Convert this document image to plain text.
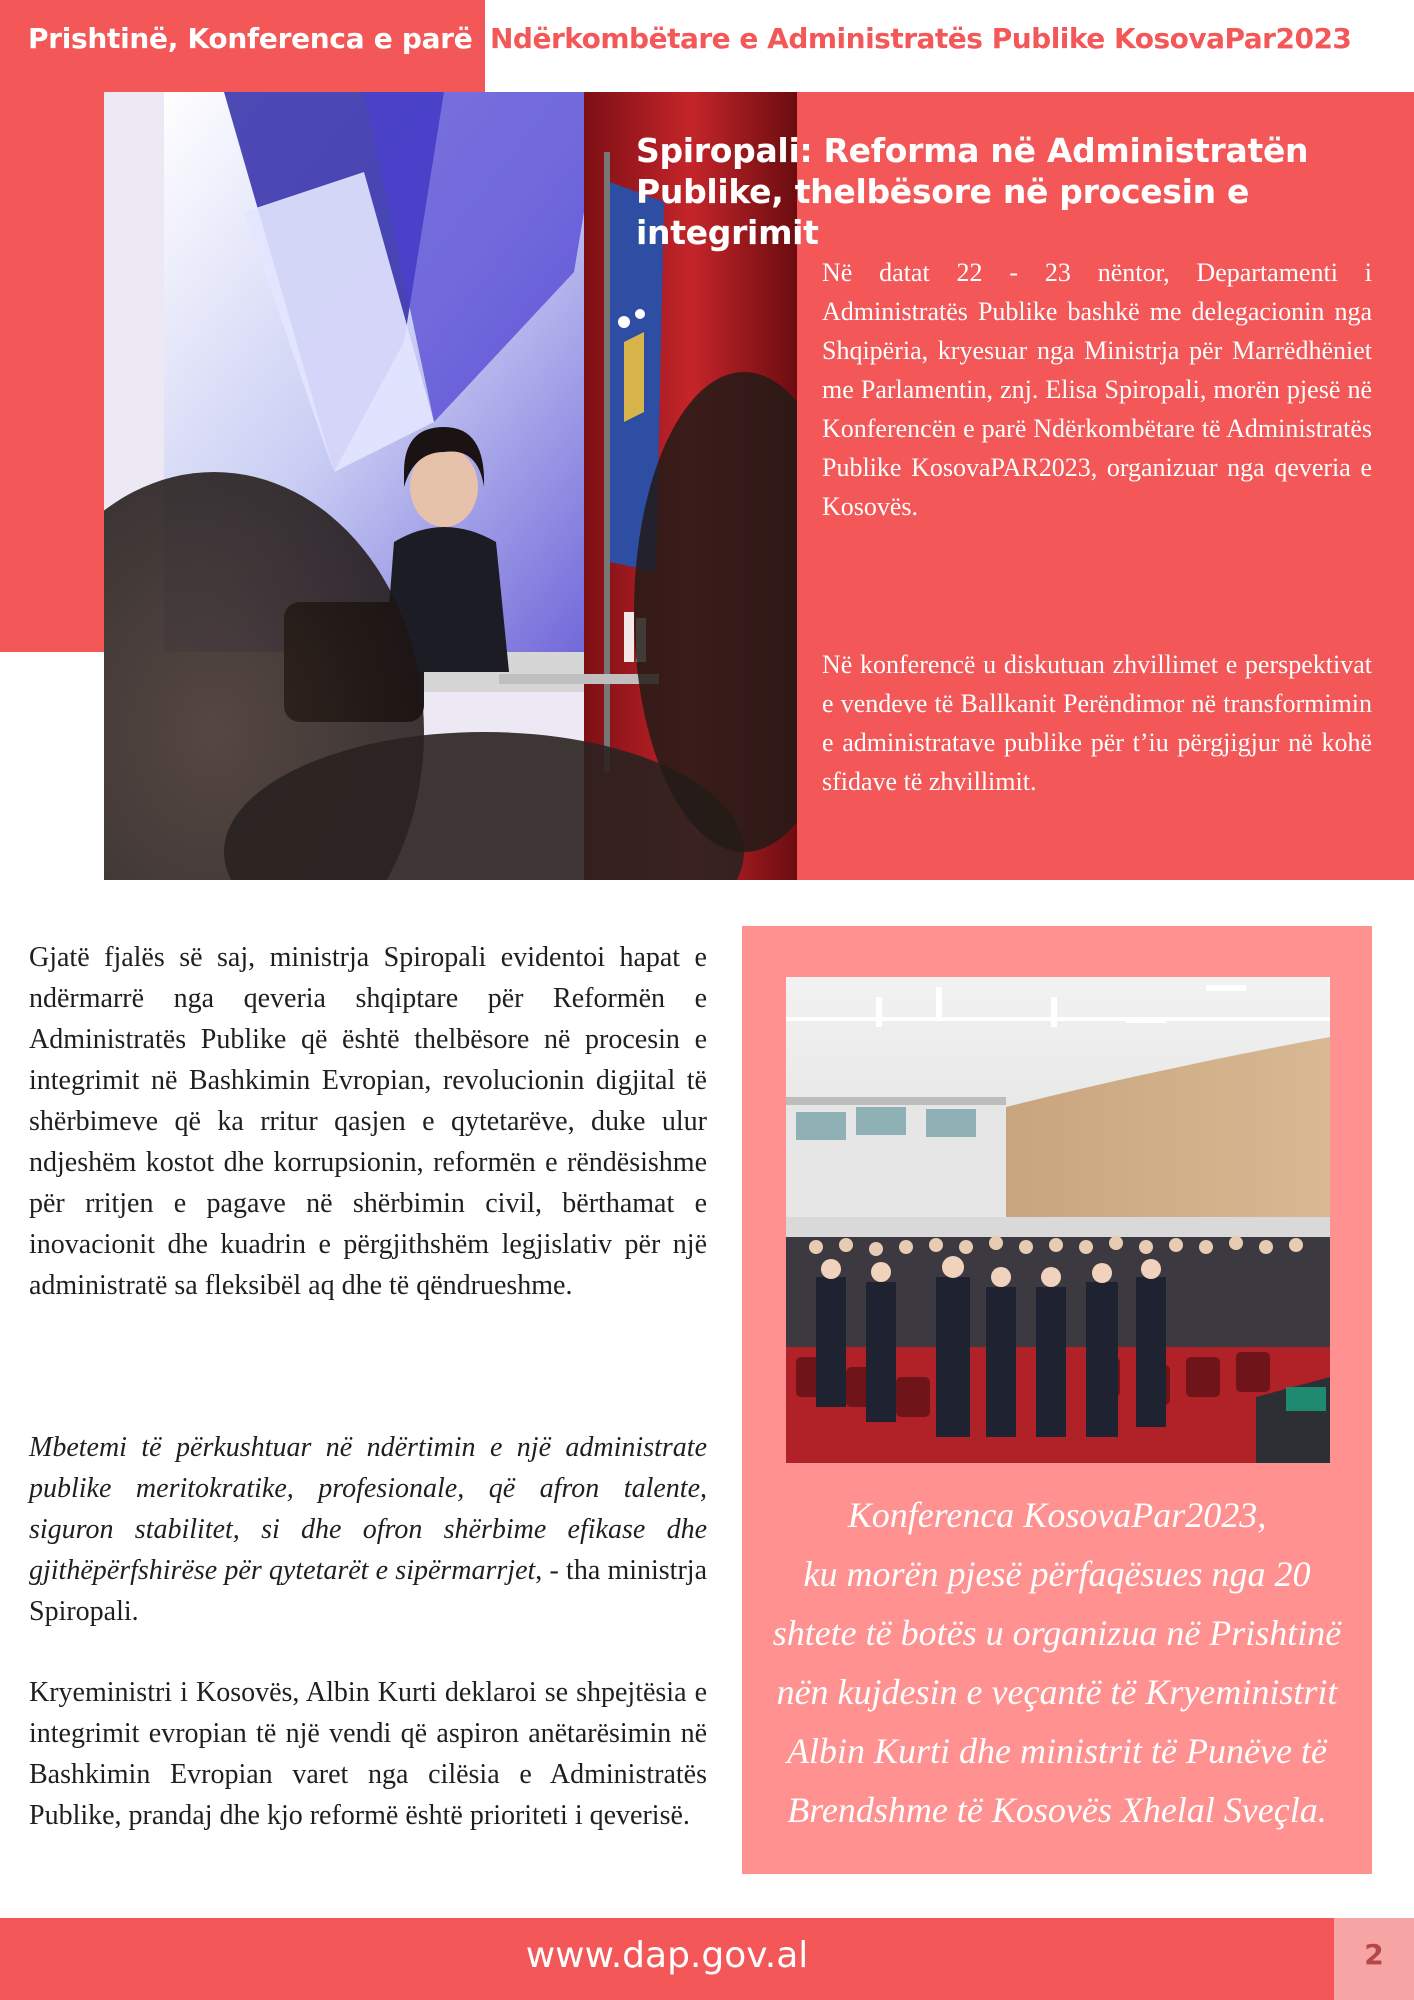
Prishtinë, Konferenca e parë Ndërkombëtare e Administratës Publike KosovaPar2023
Spiropali: Reforma në Administratën
Publike, thelbësore në procesin e integrimit
Në datat 22 - 23 nëntor, Departamenti i Administratës Publike bashkë me delegacionin nga Shqipëria, kryesuar nga Ministrja për Marrëdhëniet me Parlamentin, znj. Elisa Spiropali, morën pjesë në Konferencën e parë Ndërkombëtare të Administratës Publike KosovaPAR2023, organizuar nga qeveria e Kosovës.
Në konferencë u diskutuan zhvillimet e perspektivat e vendeve të Ballkanit Perëndimor në transformimin e administratave publike për t’iu përgjigjur në kohë sfidave të zhvillimit.
Gjatë fjalës së saj, ministrja Spiropali evidentoi hapat e ndërmarrë nga qeveria shqiptare për Reformën e Administratës Publike që është thelbësore në procesin e integrimit në Bashkimin Evropian, revolucionin digjital të shërbimeve që ka rritur qasjen e qytetarëve, duke ulur ndjeshëm kostot dhe korrupsionin, reformën e rëndësishme për rritjen e pagave në shërbimin civil, bërthamat e inovacionit dhe kuadrin e përgjithshëm legjislativ për një administratë sa fleksibël aq dhe të qëndrueshme.
Mbetemi të përkushtuar në ndërtimin e një administrate publike meritokratike, profesionale, që afron talente, siguron stabilitet, si dhe ofron shërbime efikase dhe gjithëpërfshirëse për qytetarët e sipërmarrjet, - tha ministrja Spiropali.
Kryeministri i Kosovës, Albin Kurti deklaroi se shpejtësia e integrimit evropian të një vendi që aspiron anëtarësimin në Bashkimin Evropian varet nga cilësia e Administratës Publike, prandaj dhe kjo reformë është prioriteti i qeverisë.
Konferenca KosovaPar2023,
ku morën pjesë përfaqësues nga 20
shtete të botës u organizua në Prishtinë
nën kujdesin e veçantë të Kryeministrit
Albin Kurti dhe ministrit të Punëve të
Brendshme të Kosovës Xhelal Sveçla.
www.dap.gov.al	2
